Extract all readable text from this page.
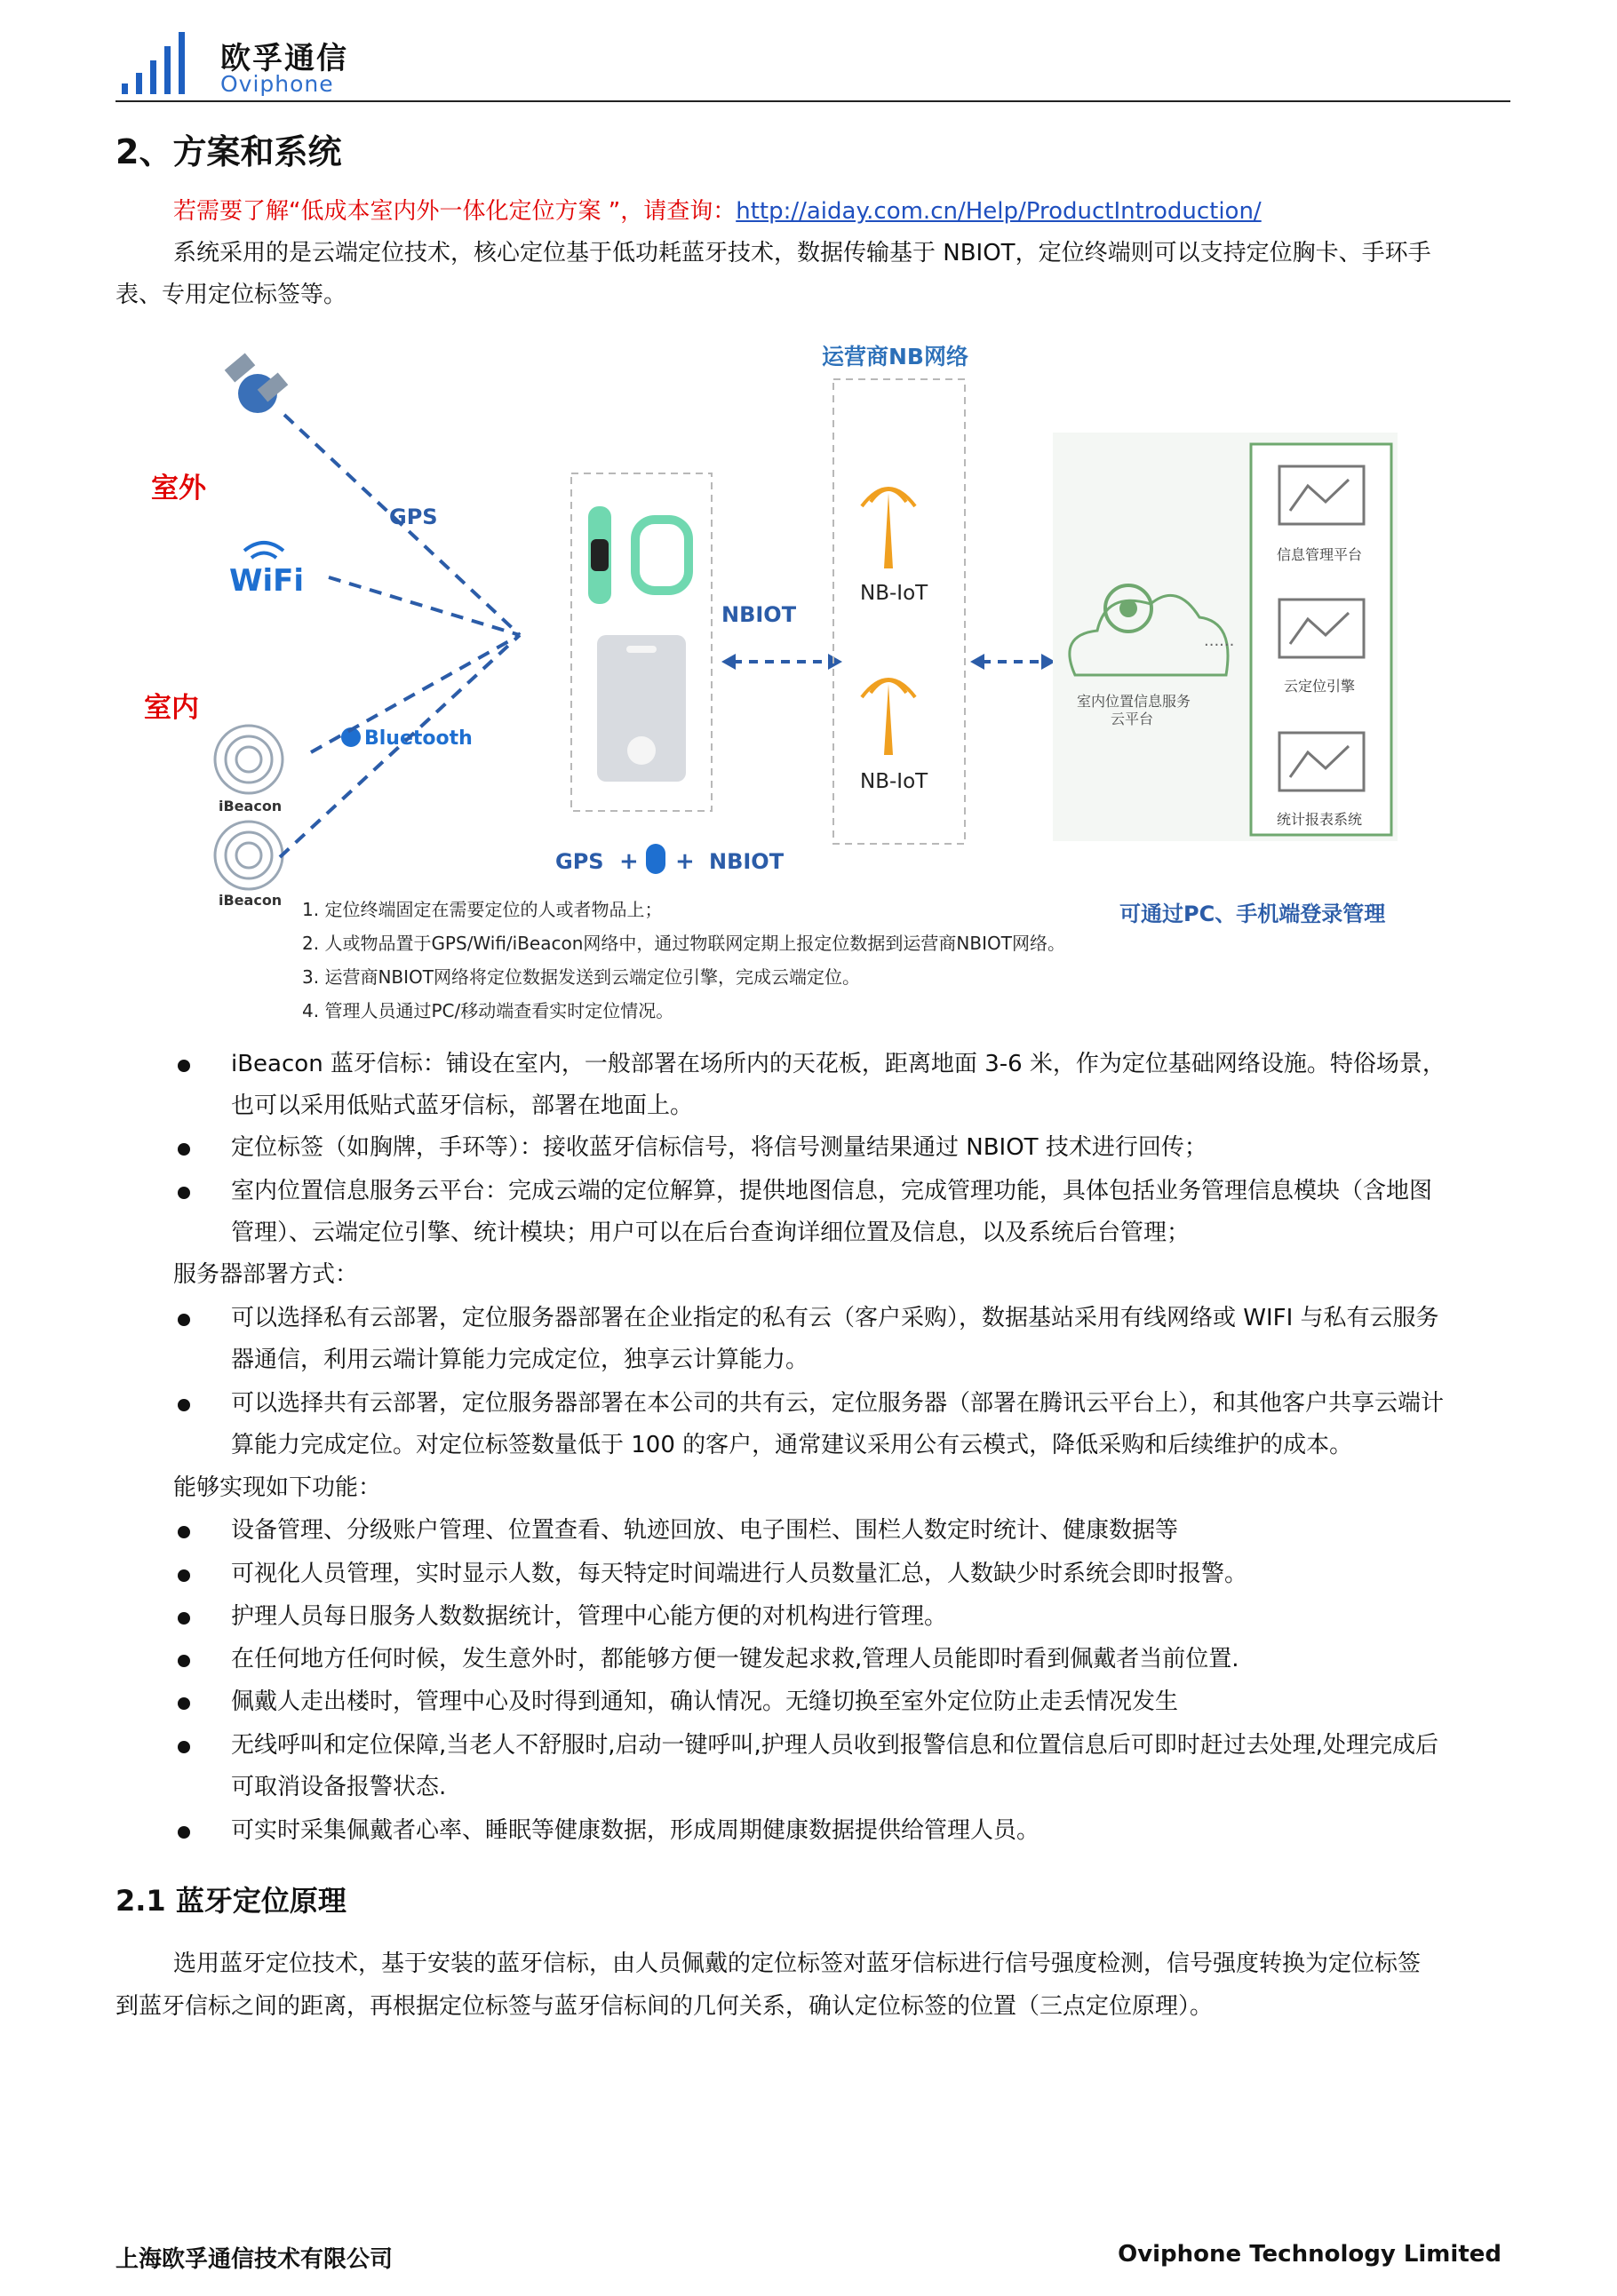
欧孚通信
Oviphone
2、方案和系统
若需要了解“低成本室内外一体化定位方案 ”，请查询：http://aiday.com.cn/Help/ProductIntroduction/
系统采用的是云端定位技术，核心定位基于低功耗蓝牙技术，数据传输基于 NBIOT，定位终端则可以支持定位胸卡、手环手
表、专用定位标签等。
室外
GPS
WiFi
室内
Bluetooth
iBeacon
iBeacon
NBIOT
运营商NB网络
NB-IoT
NB-IoT
室内位置信息服务
云平台
......
信息管理平台
云定位引擎
统计报表系统
GPS + + NBIOT
可通过PC、手机端登录管理
1. 定位终端固定在需要定位的人或者物品上；
2. 人或物品置于GPS/Wifi/iBeacon网络中，通过物联网定期上报定位数据到运营商NBIOT网络。
3. 运营商NBIOT网络将定位数据发送到云端定位引擎，完成云端定位。
4. 管理人员通过PC/移动端查看实时定位情况。
iBeacon 蓝牙信标：铺设在室内，一般部署在场所内的天花板，距离地面 3-6 米，作为定位基础网络设施。特俗场景，
也可以采用低贴式蓝牙信标，部署在地面上。
定位标签（如胸牌，手环等）：接收蓝牙信标信号，将信号测量结果通过 NBIOT 技术进行回传；
室内位置信息服务云平台：完成云端的定位解算，提供地图信息，完成管理功能，具体包括业务管理信息模块（含地图
管理）、云端定位引擎、统计模块；用户可以在后台查询详细位置及信息，以及系统后台管理；
服务器部署方式：
可以选择私有云部署，定位服务器部署在企业指定的私有云（客户采购），数据基站采用有线网络或 WIFI 与私有云服务
器通信，利用云端计算能力完成定位，独享云计算能力。
可以选择共有云部署，定位服务器部署在本公司的共有云，定位服务器（部署在腾讯云平台上），和其他客户共享云端计
算能力完成定位。对定位标签数量低于 100 的客户，通常建议采用公有云模式，降低采购和后续维护的成本。
能够实现如下功能：
设备管理、分级账户管理、位置查看、轨迹回放、电子围栏、围栏人数定时统计、健康数据等
可视化人员管理，实时显示人数，每天特定时间端进行人员数量汇总，人数缺少时系统会即时报警。
护理人员每日服务人数数据统计，管理中心能方便的对机构进行管理。
在任何地方任何时候，发生意外时，都能够方便一键发起求救,管理人员能即时看到佩戴者当前位置.
佩戴人走出楼时，管理中心及时得到通知，确认情况。无缝切换至室外定位防止走丢情况发生
无线呼叫和定位保障,当老人不舒服时,启动一键呼叫,护理人员收到报警信息和位置信息后可即时赶过去处理,处理完成后
可取消设备报警状态.
可实时采集佩戴者心率、睡眠等健康数据，形成周期健康数据提供给管理人员。
2.1 蓝牙定位原理
选用蓝牙定位技术，基于安装的蓝牙信标，由人员佩戴的定位标签对蓝牙信标进行信号强度检测，信号强度转换为定位标签
到蓝牙信标之间的距离，再根据定位标签与蓝牙信标间的几何关系，确认定位标签的位置（三点定位原理）。
上海欧孚通信技术有限公司	Oviphone Technology Limited
